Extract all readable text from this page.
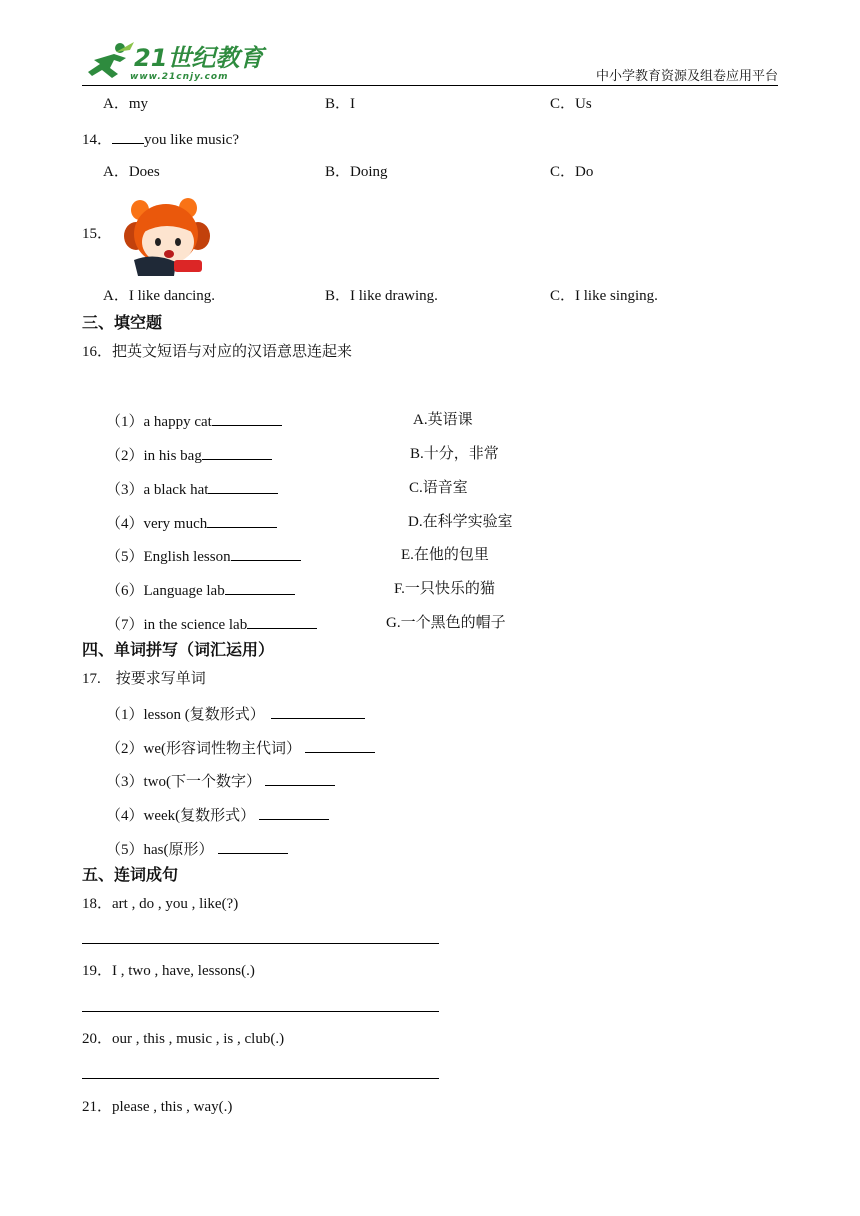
21世纪教育
www.21cnjy.com	中小学教育资源及组卷应用平台
A．my	B．I	C．Us
14． you like music?
A．Does	B．Doing	C．Do
15．
A．I like dancing.	B．I like drawing.	C．I like singing.
三、填空题
16．把英文短语与对应的汉语意思连起来
（1）a happy cat
（2）in his bag
（3）a black hat
（4）very much
（5）English lesson
（6）Language lab
（7）in the science lab
A.英语课
B.十分，非常
C.语音室
D.在科学实验室
E.在他的包里
F.一只快乐的猫
G.一个黑色的帽子
四、单词拼写（词汇运用）
17.    按要求写单词
（1）lesson (复数形式）
（2）we(形容词性物主代词）
（3）two(下一个数字）
（4）week(复数形式）
（5）has(原形）
五、连词成句
18．art , do , you , like(?)
19．I , two , have, lessons(.)
20．our , this , music , is , club(.)
21．please , this , way(.)
